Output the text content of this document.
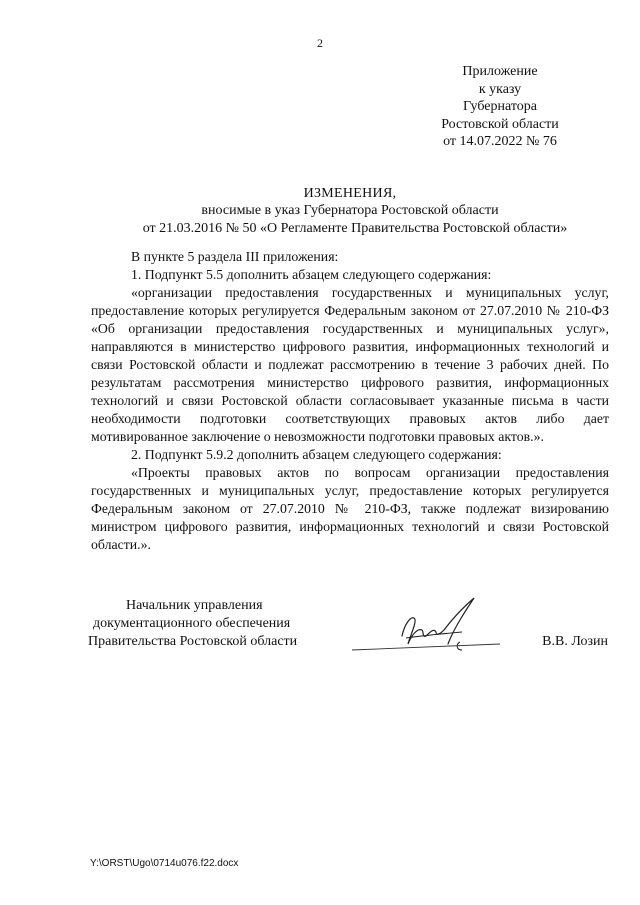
2
Приложение
к указу
Губернатора
Ростовской области
от 14.07.2022 № 76
ИЗМЕНЕНИЯ,
вносимые в указ Губернатора Ростовской области
от 21.03.2016 № 50 «О Регламенте Правительства Ростовской области»

В пункте 5 раздела III приложения:

1. Подпункт 5.5 дополнить абзацем следующего содержания:

«организации предоставления государственных и муниципальных услуг, предоставление которых регулируется Федеральным законом от 27.07.2010 № 210-ФЗ «Об организации предоставления государственных и муниципальных услуг», направляются в министерство цифрового развития, информационных технологий и связи Ростовской области и подлежат рассмотрению в течение 3 рабочих дней. По результатам рассмотрения министерство цифрового развития, информационных технологий и связи Ростовской области согласовывает указанные письма в части необходимости подготовки соответствующих правовых актов либо дает мотивированное заключение о невозможности подготовки правовых актов.».

2. Подпункт 5.9.2 дополнить абзацем следующего содержания:

«Проекты правовых актов по вопросам организации предоставления государственных и муниципальных услуг, предоставление которых регулируется Федеральным законом от 27.07.2010 № 210-ФЗ, также подлежат визированию министром цифрового развития, информационных технологий и связи Ростовской области.».

Начальник управления
документационного обеспечения
Правительства Ростовской области	В.В. Лозин
Y:\ORST\Ugo\0714u076.f22.docx
